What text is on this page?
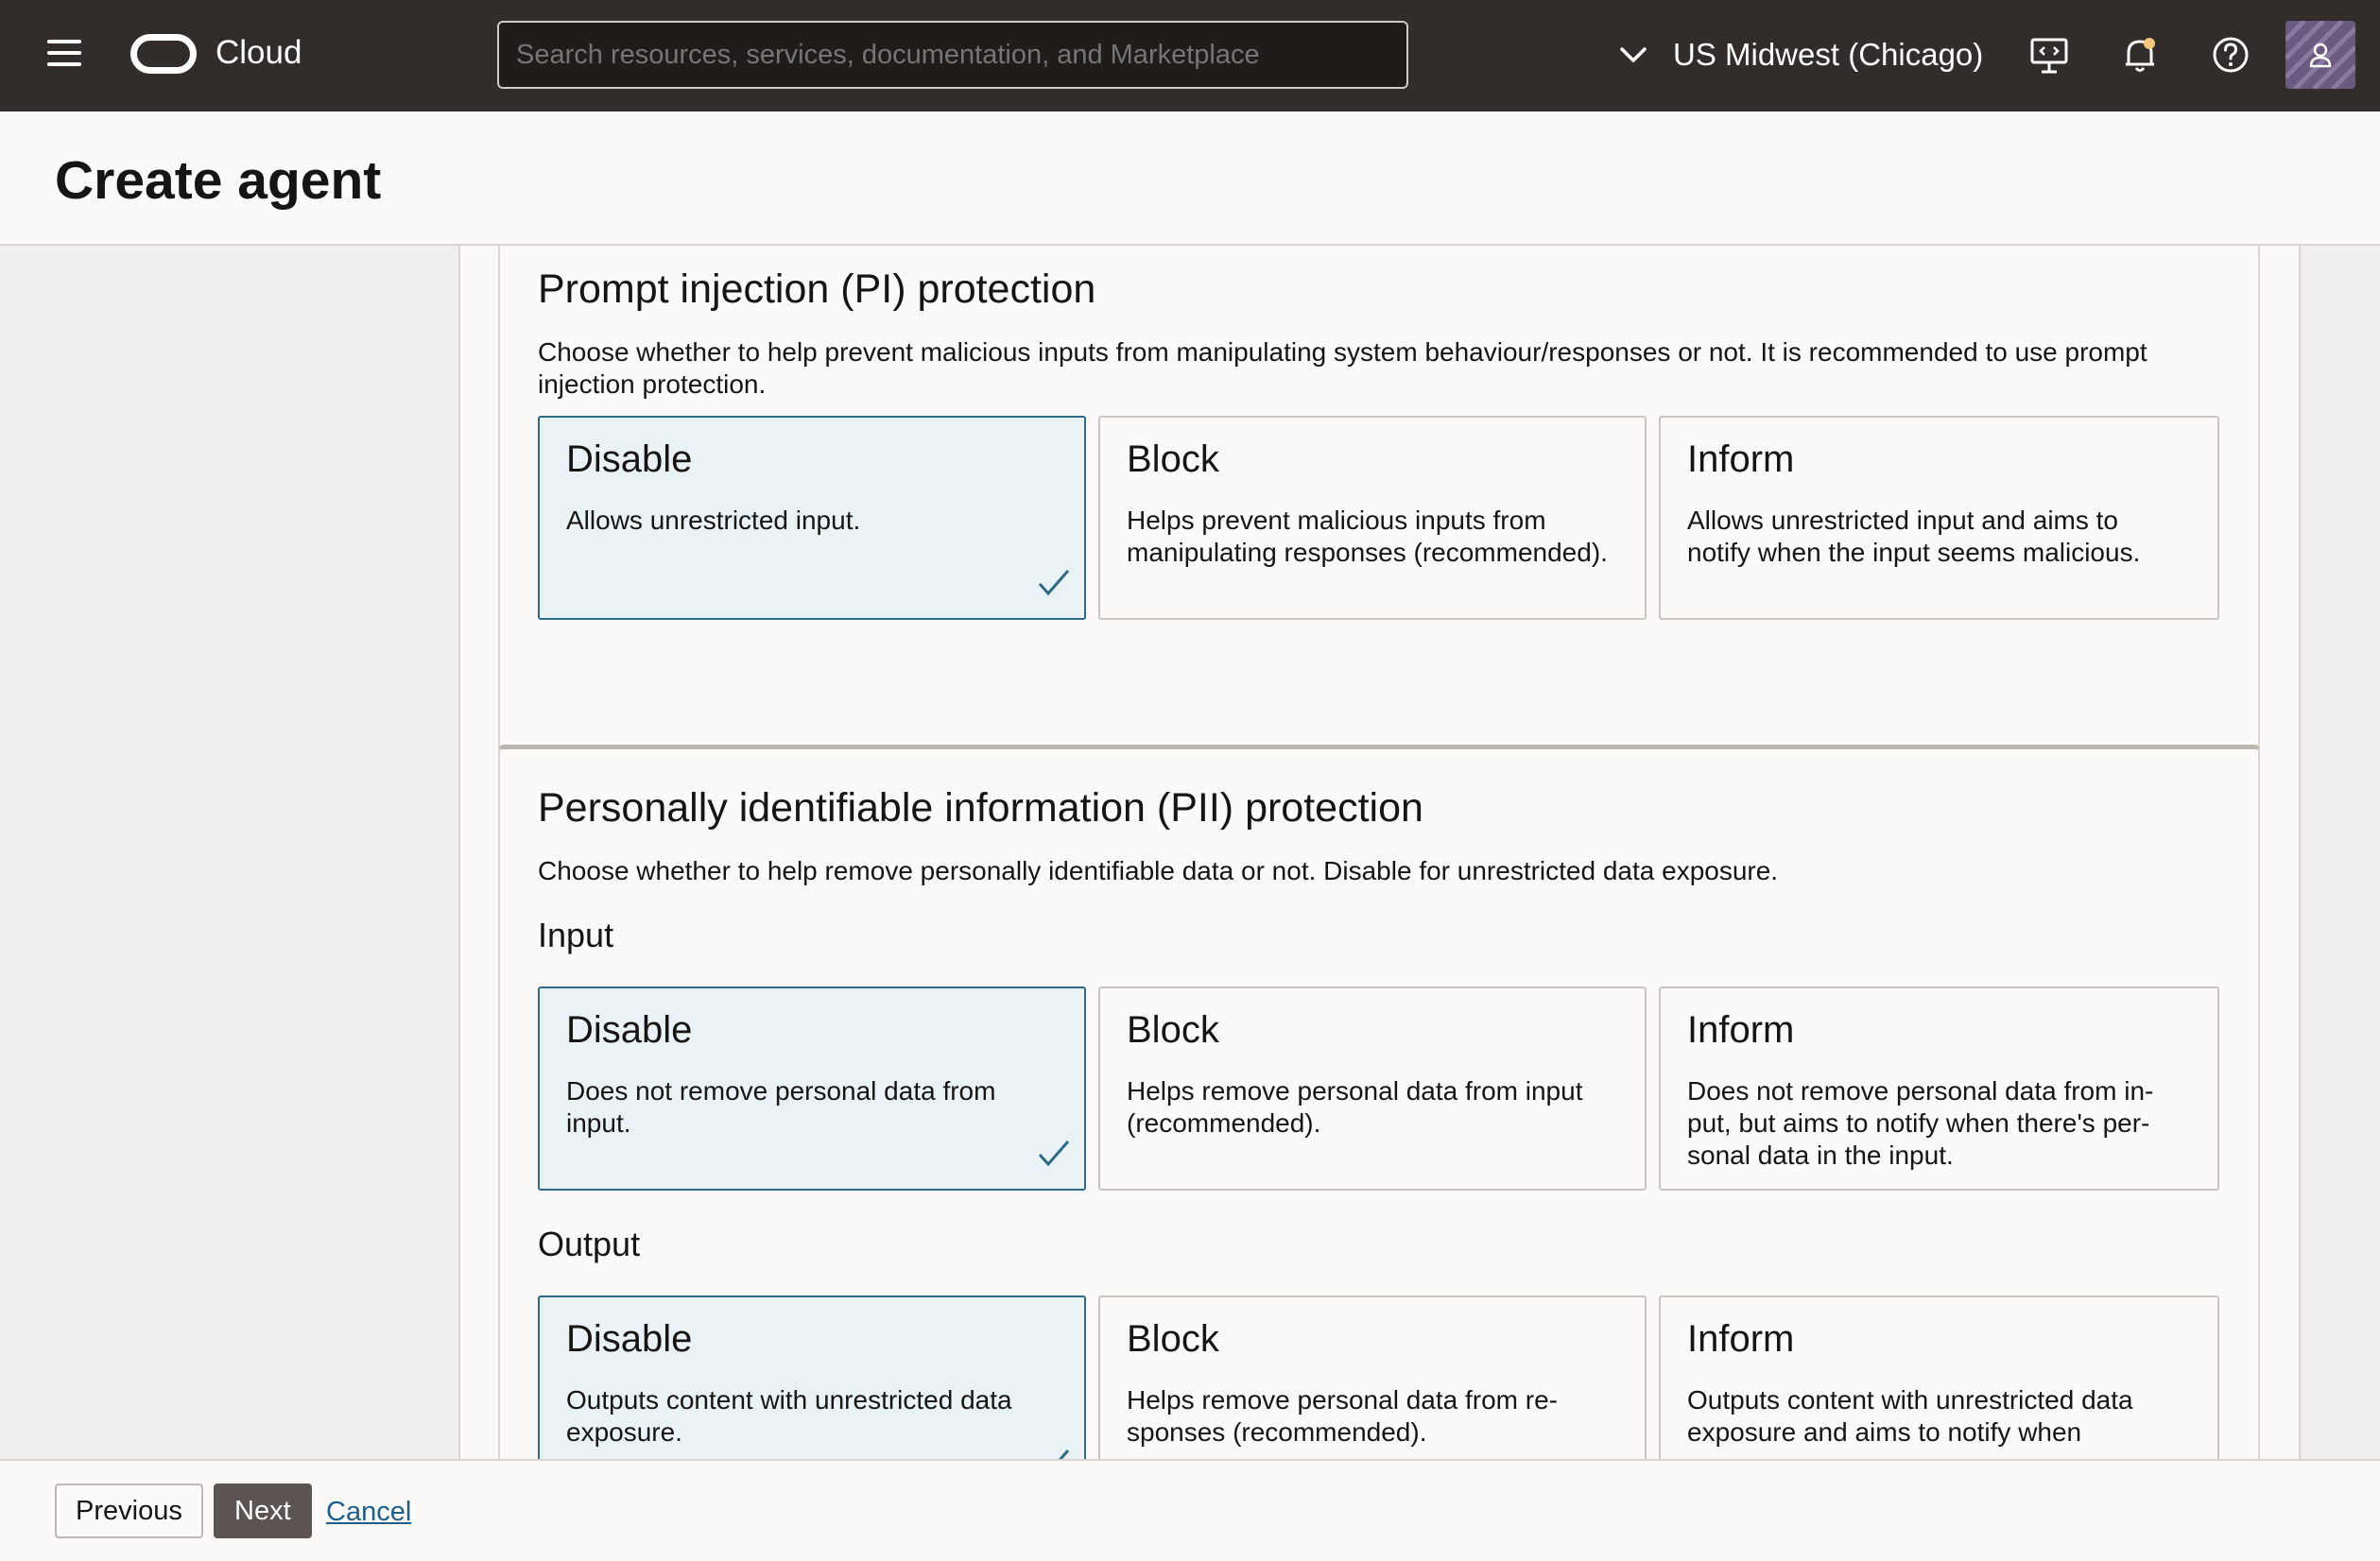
Cloud
Search resources, services, documentation, and Marketplace	US Midwest (Chicago)
Create agent
Prompt injection (PI) protection
Choose whether to help prevent malicious inputs from manipulating system behaviour/responses or not. It is recommended to use prompt injection protection.
Disable
Allows unrestricted input.
Block
Helps prevent malicious inputs from manipulating responses (recommended).
Inform
Allows unrestricted input and aims to notify when the input seems malicious.
Personally identifiable information (PII) protection
Choose whether to help remove personally identifiable data or not. Disable for unrestricted data exposure.
Input
Disable
Does not remove personal data from input.
Block
Helps remove personal data from input (recommended).
Inform
Does not remove personal data from in-put, but aims to notify when there's per-sonal data in the input.
Output
Disable
Outputs content with unrestricted data exposure.
Block
Helps remove personal data from re-sponses (recommended).
Inform
Outputs content with unrestricted data exposure and aims to notify when
Previous	Next	Cancel
